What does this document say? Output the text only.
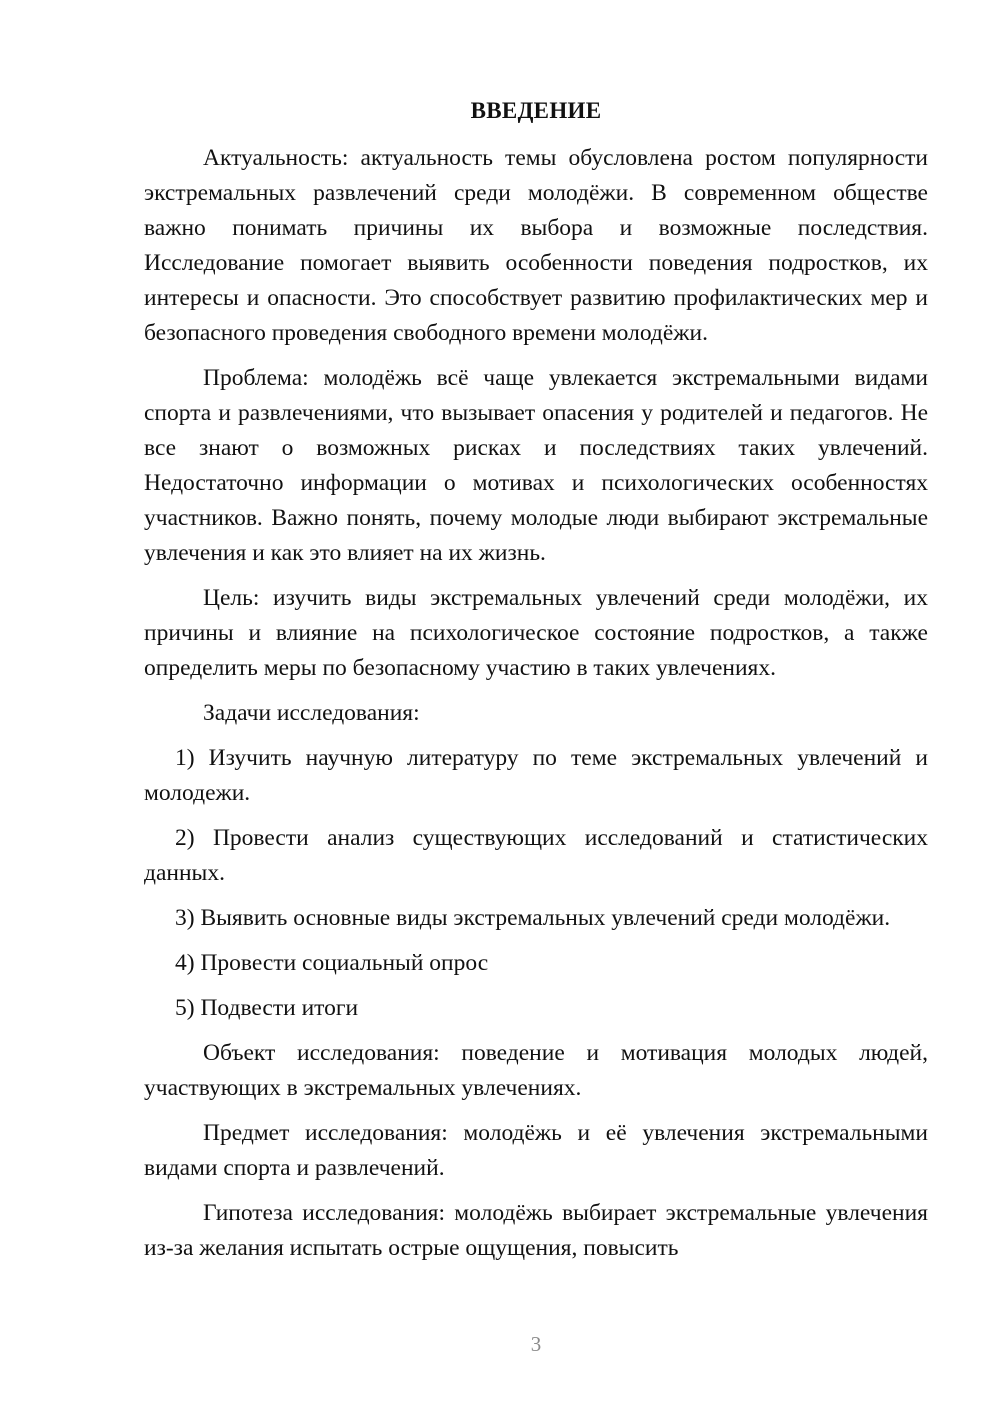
ВВЕДЕНИЕ

Актуальность: актуальность темы обусловлена ростом популярности экстремальных развлечений среди молодёжи. В современном обществе важно понимать причины их выбора и возможные последствия. Исследование помогает выявить особенности поведения подростков, их интересы и опасности. Это способствует развитию профилактических мер и безопасного проведения свободного времени молодёжи.

Проблема: молодёжь всё чаще увлекается экстремальными видами спорта и развлечениями, что вызывает опасения у родителей и педагогов. Не все знают о возможных рисках и последствиях таких увлечений. Недостаточно информации о мотивах и психологических особенностях участников. Важно понять, почему молодые люди выбирают экстремальные увлечения и как это влияет на их жизнь.

Цель: изучить виды экстремальных увлечений среди молодёжи, их причины и влияние на психологическое состояние подростков, а также определить меры по безопасному участию в таких увлечениях.

Задачи исследования:

1) Изучить научную литературу по теме экстремальных увлечений и молодежи.

2) Провести анализ существующих исследований и статистических данных.

3) Выявить основные виды экстремальных увлечений среди молодёжи.

4) Провести социальный опрос

5) Подвести итоги

Объект исследования: поведение и мотивация молодых людей, участвующих в экстремальных увлечениях.

Предмет исследования: молодёжь и её увлечения экстремальными видами спорта и развлечений.

Гипотеза исследования: молодёжь выбирает экстремальные увлечения из-за желания испытать острые ощущения, повысить

3
